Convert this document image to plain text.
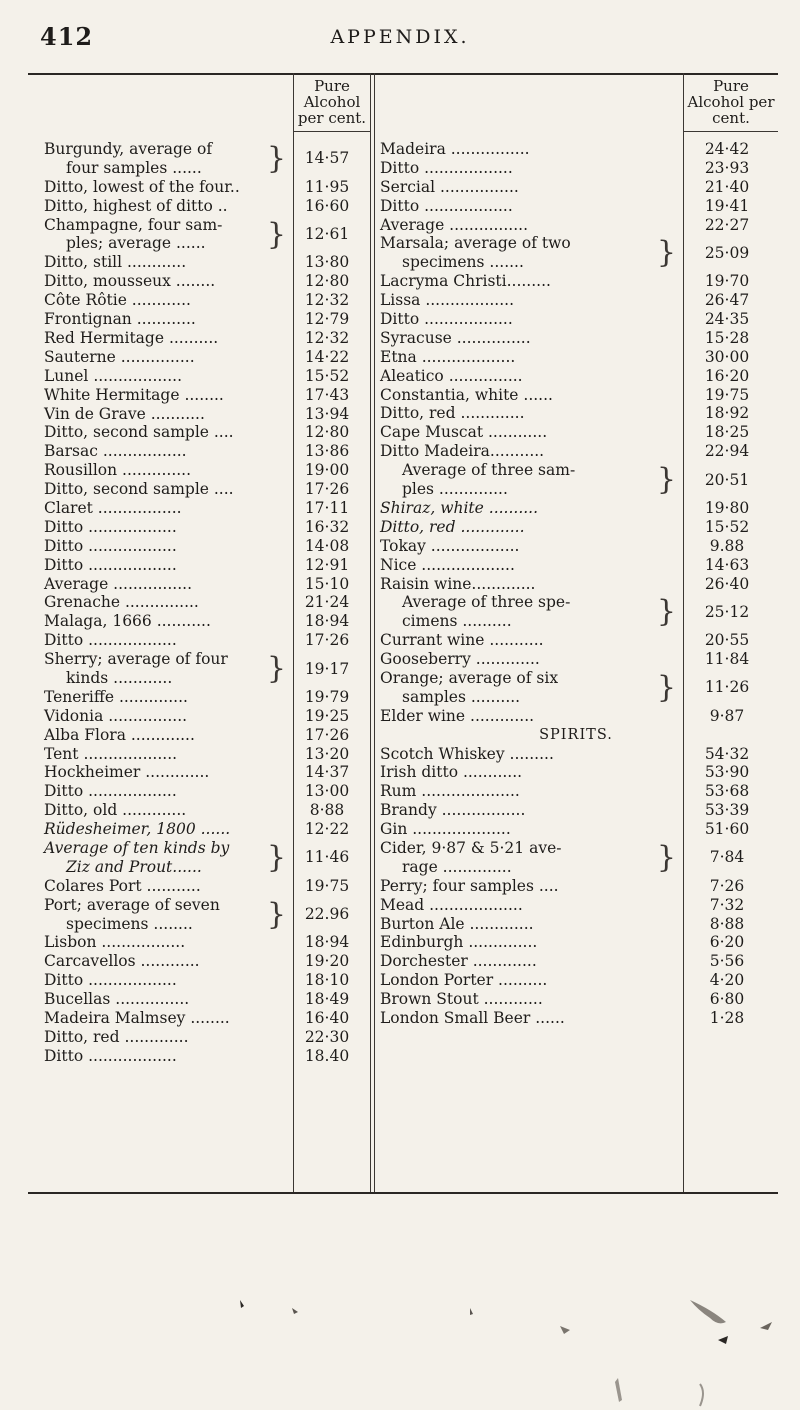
412	APPENDIX.
Pure Alcohol per cent.
Pure Alcohol per cent.
Burgundy, average of
four samples ...... }	14·57
Ditto, lowest of the four..	11·95
Ditto, highest of ditto ..	16·60
Champagne, four sam-
ples; average ...... }	12·61
Ditto, still ............	13·80
Ditto, mousseux ........	12·80
Côte Rôtie ............	12·32
Frontignan ............	12·79
Red Hermitage ..........	12·32
Sauterne ...............	14·22
Lunel ..................	15·52
White Hermitage ........	17·43
Vin de Grave ...........	13·94
Ditto, second sample ....	12·80
Barsac .................	13·86
Rousillon ..............	19·00
Ditto, second sample ....	17·26
Claret .................	17·11
Ditto ..................	16·32
Ditto ..................	14·08
Ditto ..................	12·91
Average ................	15·10
Grenache ...............	21·24
Malaga, 1666 ...........	18·94
Ditto ..................	17·26
Sherry; average of four
kinds ............	}	19·17
Teneriffe ..............	19·79
Vidonia ................	19·25
Alba Flora .............	17·26
Tent ...................	13·20
Hockheimer .............	14·37
Ditto ..................	13·00
Ditto, old .............	8·88
Rüdesheimer, 1800 ......	12·22
Average of ten kinds by
Ziz and Prout...... }	11·46
Colares Port ...........	19·75
Port; average of seven
specimens ........ }	22.96
Lisbon .................	18·94
Carcavellos ............	19·20
Ditto ..................	18·10
Bucellas ...............	18·49
Madeira Malmsey ........	16·40
Ditto, red .............	22·30
Ditto ..................	18.40
Madeira ................	24·42
Ditto ..................	23·93
Sercial ................	21·40
Ditto ..................	19·41
Average ................	22·27
Marsala; average of two
specimens .......	}	25·09
Lacryma Christi.........	19·70
Lissa ..................	26·47
Ditto ..................	24·35
Syracuse ...............	15·28
Etna ...................	30·00
Aleatico ...............	16·20
Constantia, white ......	19·75
Ditto, red .............	18·92
Cape Muscat ............	18·25
Ditto Madeira...........	22·94
Average of three sam-
ples ..............	}	20·51
Shiraz, white ..........	19·80
Ditto, red .............	15·52
Tokay ..................	9.88
Nice ...................	14·63
Raisin wine.............	26·40
Average of three spe-
cimens ..........	}	25·12
Currant wine ...........	20·55
Gooseberry .............	11·84
Orange; average of six
samples ..........	}	11·26
Elder wine .............	9·87
SPIRITS.
Scotch Whiskey .........	54·32
Irish ditto ............	53·90
Rum ....................	53·68
Brandy .................	53·39
Gin ....................	51·60
Cider, 9·87 & 5·21 ave-
rage ..............	}	7·84
Perry; four samples ....	7·26
Mead ...................	7·32
Burton Ale .............	8·88
Edinburgh ..............	6·20
Dorchester .............	5·56
London Porter ..........	4·20
Brown Stout ............	6·80
London Small Beer ......	1·28
